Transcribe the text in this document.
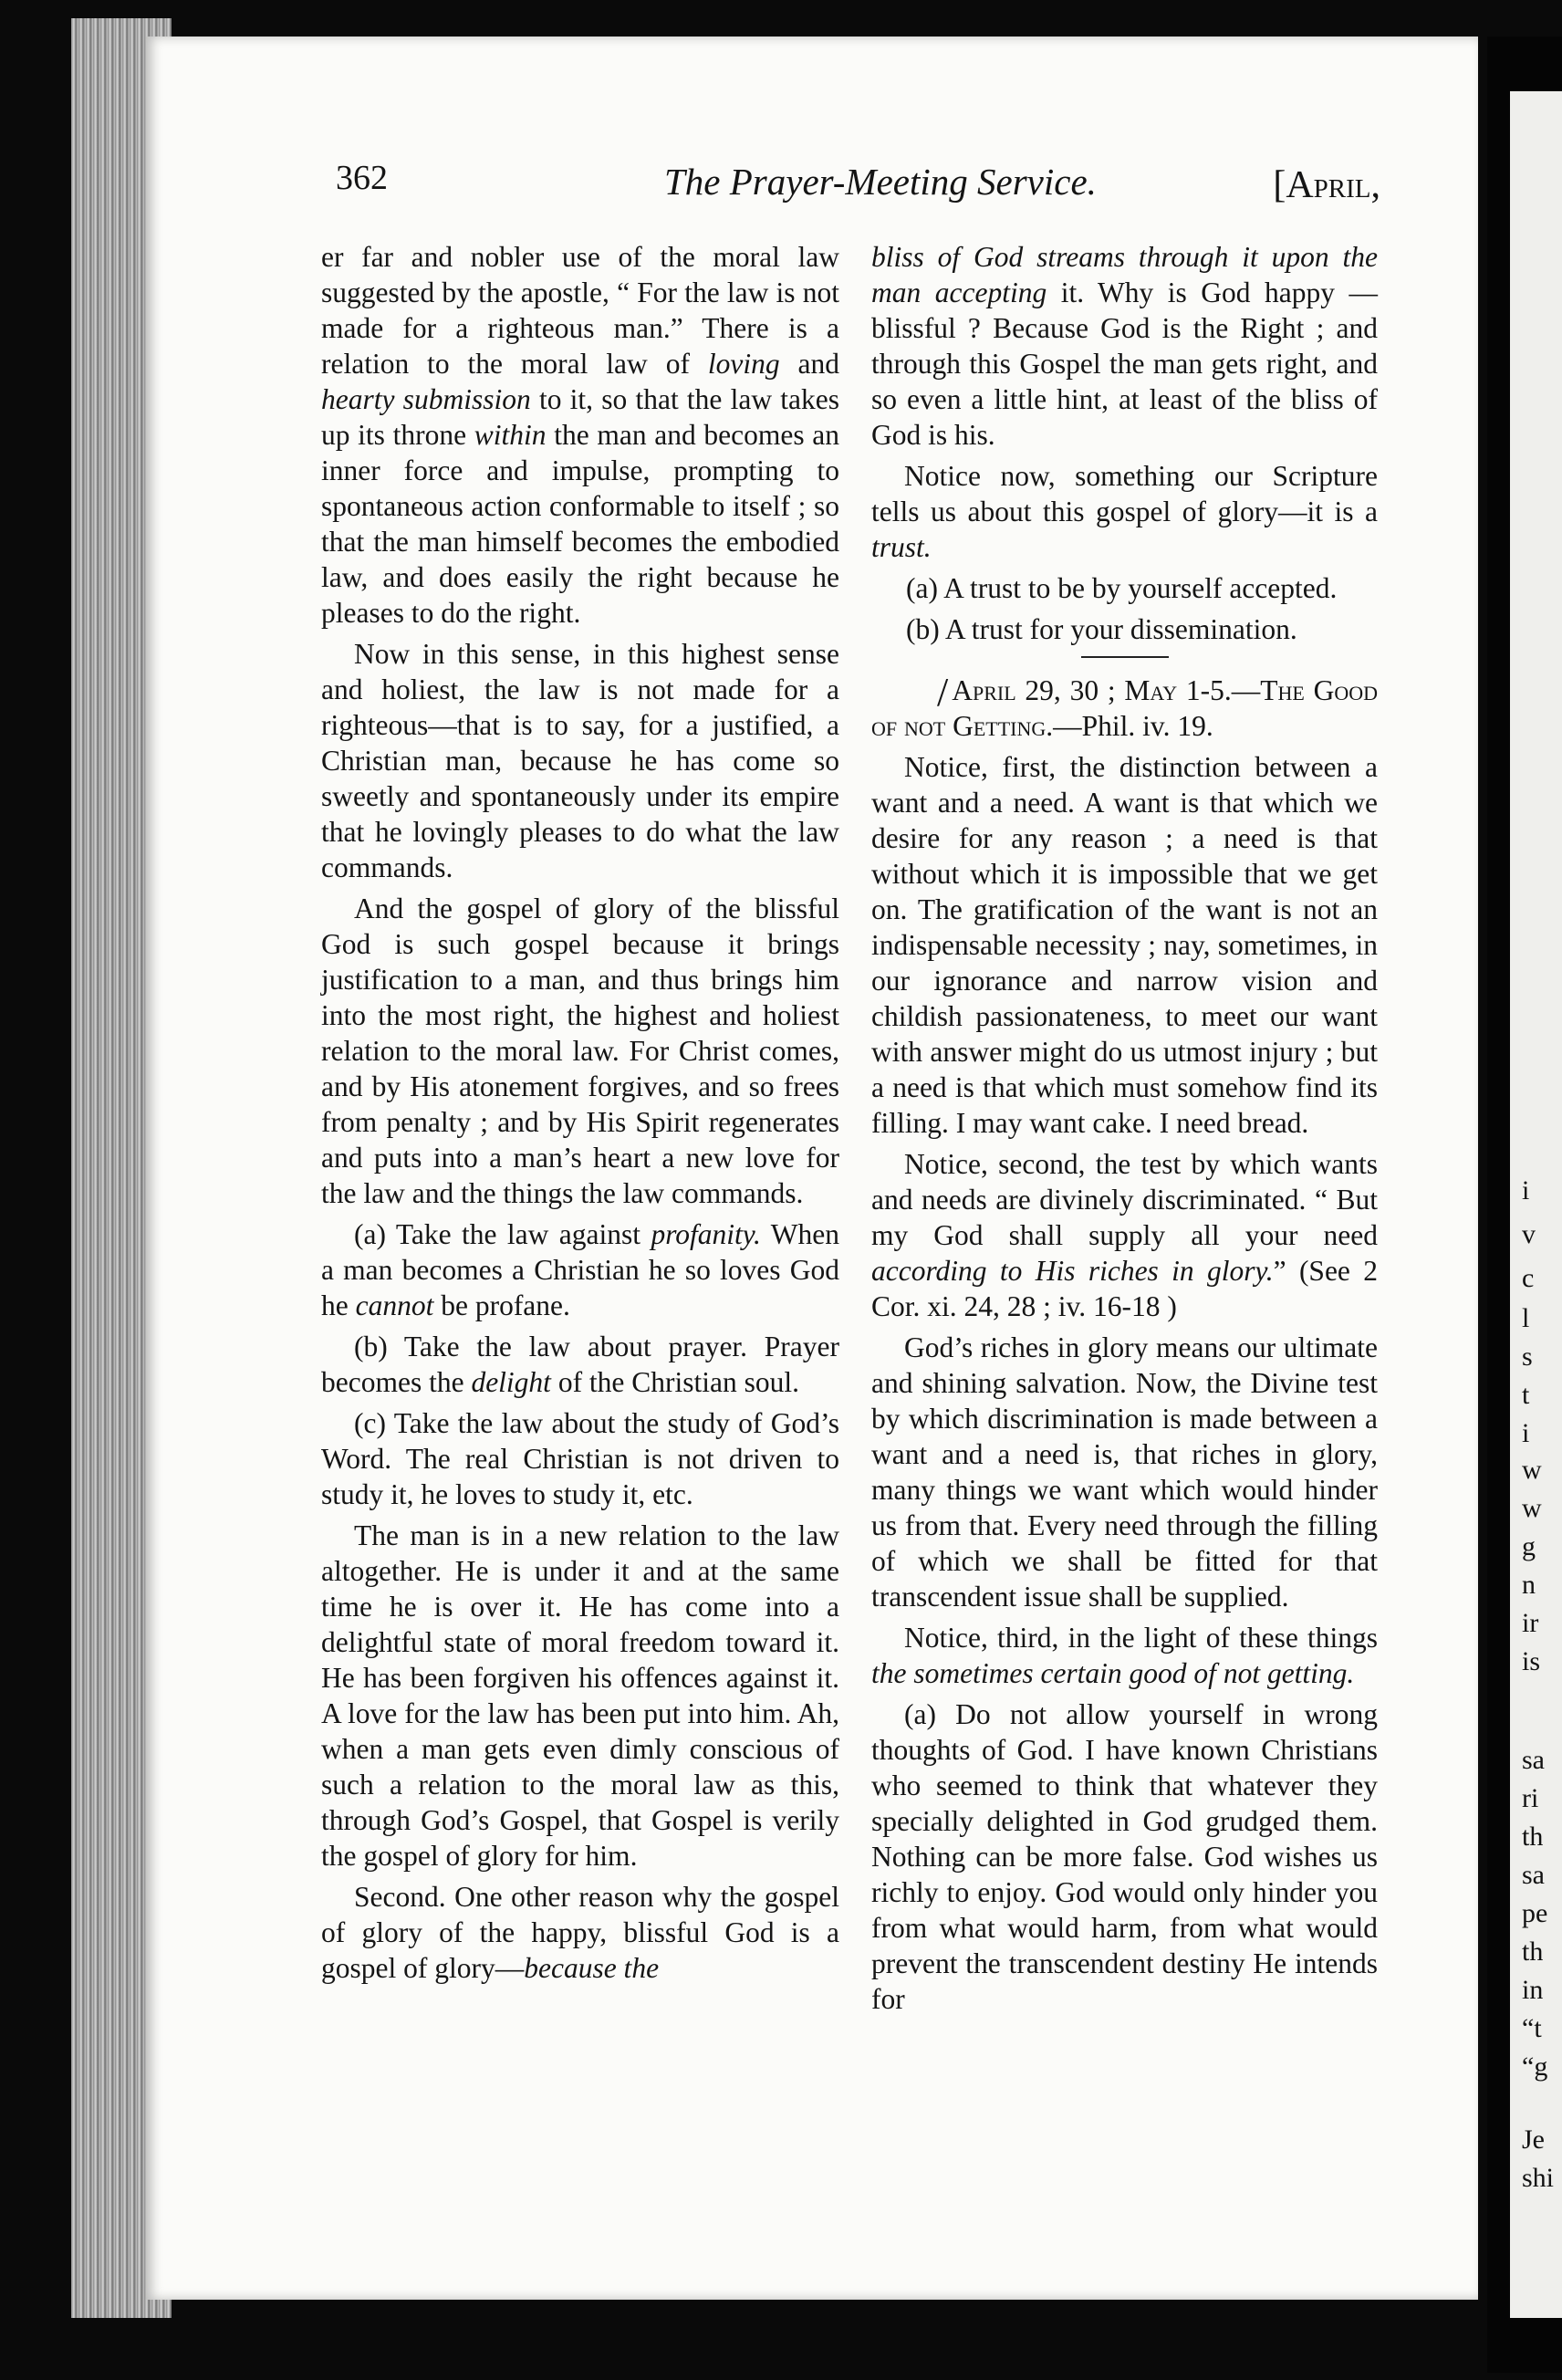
i
v
c
l
s
t
i
w
w
g
n
ir
is
sa
ri
th
sa
pe
th
in
“t
“g
Je
shi
362	The Prayer-Meeting Service.	[April,

er far and nobler use of the moral law suggested by the apostle, “ For the law is not made for a righteous man.” There is a relation to the moral law of loving and hearty submission to it, so that the law takes up its throne within the man and becomes an inner force and impulse, prompting to spontaneous action conformable to itself ; so that the man himself becomes the embodied law, and does easily the right because he pleases to do the right.

Now in this sense, in this highest sense and holiest, the law is not made for a righteous—that is to say, for a justified, a Christian man, because he has come so sweetly and spontaneously under its empire that he lovingly pleases to do what the law commands.

And the gospel of glory of the blissful God is such gospel because it brings justification to a man, and thus brings him into the most right, the highest and holiest relation to the moral law. For Christ comes, and by His atonement forgives, and so frees from penalty ; and by His Spirit regenerates and puts into a man’s heart a new love for the law and the things the law commands.

(a) Take the law against profanity. When a man becomes a Christian he so loves God he cannot be profane.

(b) Take the law about prayer. Prayer becomes the delight of the Christian soul.

(c) Take the law about the study of God’s Word. The real Christian is not driven to study it, he loves to study it, etc.

The man is in a new relation to the law altogether. He is under it and at the same time he is over it. He has come into a delightful state of moral freedom toward it. He has been forgiven his offences against it. A love for the law has been put into him. Ah, when a man gets even dimly conscious of such a relation to the moral law as this, through God’s Gospel, that Gospel is verily the gospel of glory for him.

Second. One other reason why the gospel of glory of the happy, blissful God is a gospel of glory—because the

bliss of God streams through it upon the man accepting it. Why is God happy —blissful ? Because God is the Right ; and through this Gospel the man gets right, and so even a little hint, at least of the bliss of God is his.

Notice now, something our Scripture tells us about this gospel of glory—it is a trust.

(a) A trust to be by yourself accepted.

(b) A trust for your dissemination.

/ April 29, 30 ; May 1-5.—The Good of not Getting.—Phil. iv. 19.

Notice, first, the distinction between a want and a need. A want is that which we desire for any reason ; a need is that without which it is impossible that we get on. The gratification of the want is not an indispensable necessity ; nay, sometimes, in our ignorance and narrow vision and childish passionateness, to meet our want with answer might do us utmost injury ; but a need is that which must somehow find its filling. I may want cake. I need bread.

Notice, second, the test by which wants and needs are divinely discriminated. “ But my God shall supply all your need according to His riches in glory.” (See 2 Cor. xi. 24, 28 ; iv. 16-18 )

God’s riches in glory means our ultimate and shining salvation. Now, the Divine test by which discrimination is made between a want and a need is, that riches in glory, many things we want which would hinder us from that. Every need through the filling of which we shall be fitted for that transcendent issue shall be supplied.

Notice, third, in the light of these things the sometimes certain good of not getting.

(a) Do not allow yourself in wrong thoughts of God. I have known Christians who seemed to think that whatever they specially delighted in God grudged them. Nothing can be more false. God wishes us richly to enjoy. God would only hinder you from what would harm, from what would prevent the transcendent destiny He intends for
